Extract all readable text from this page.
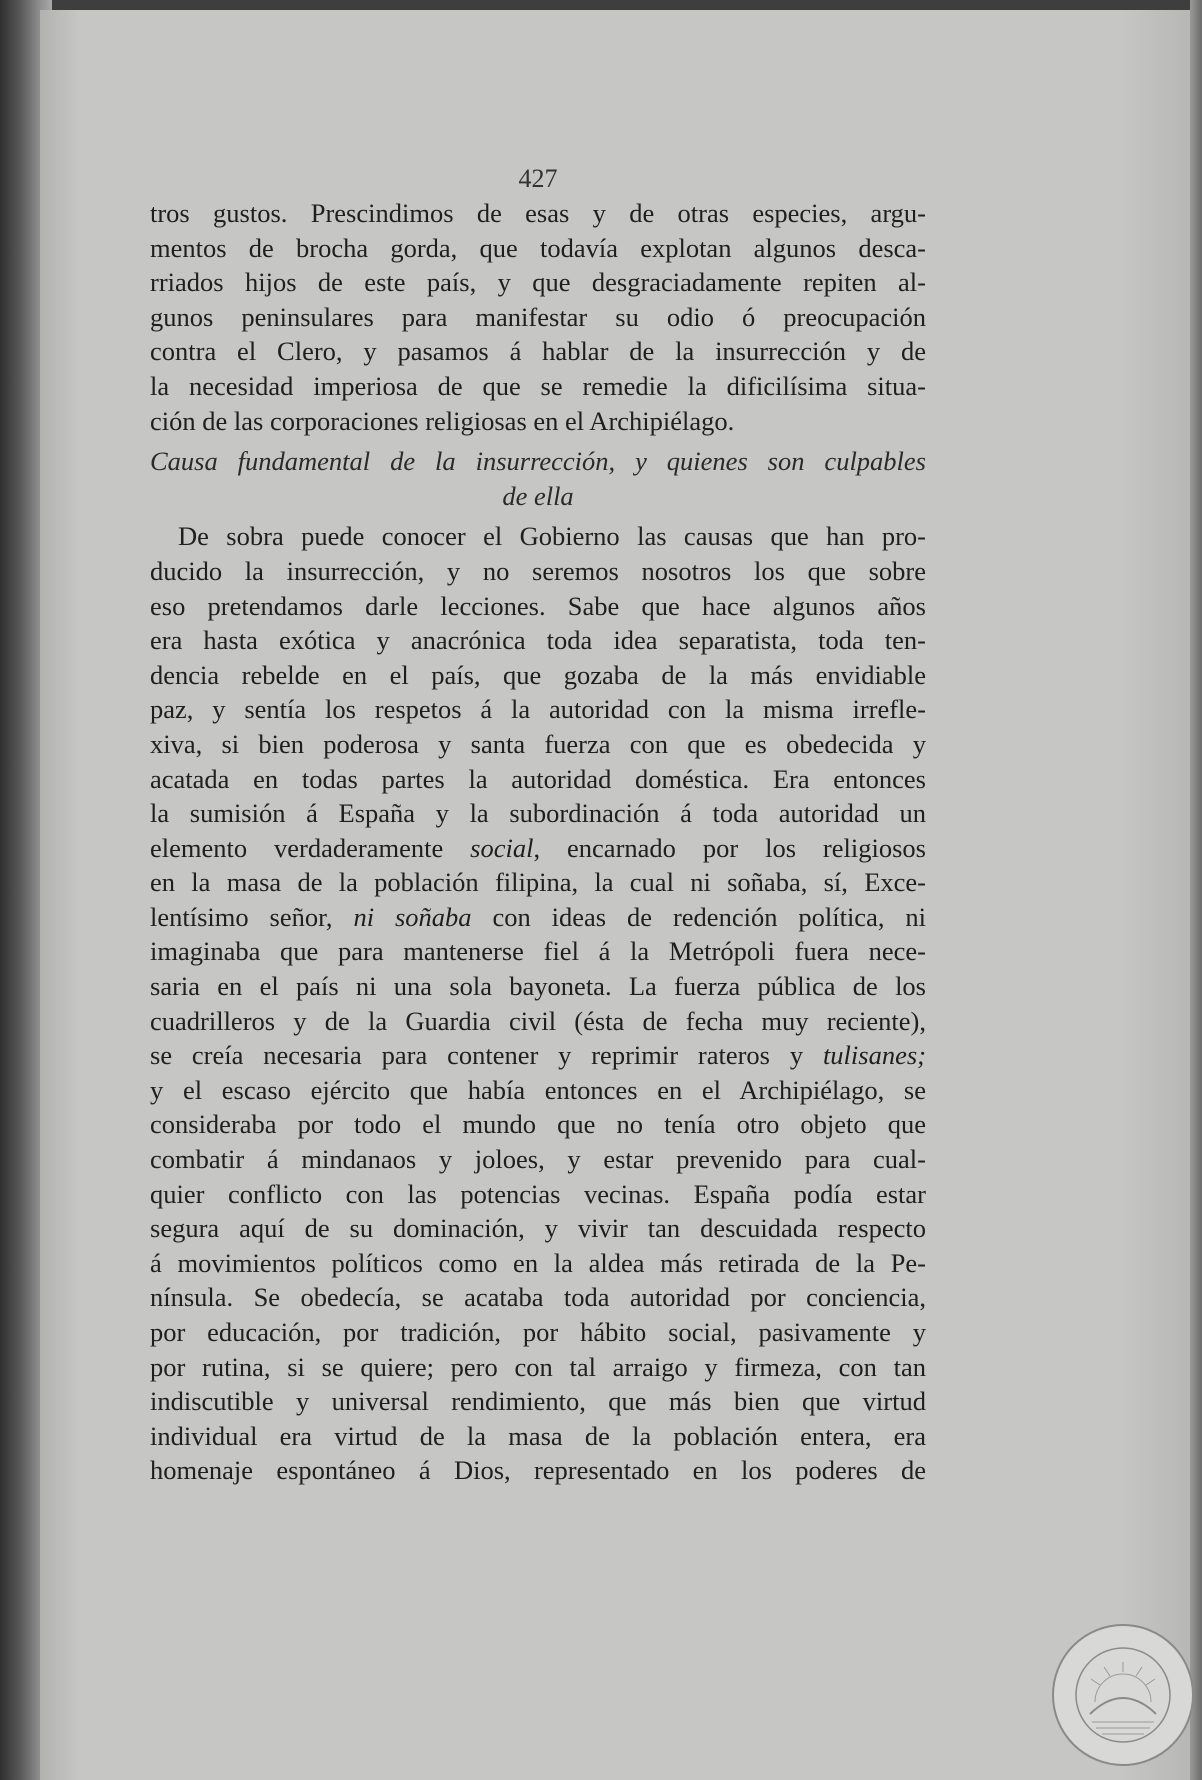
427
tros gustos. Prescindimos de esas y de otras especies, argu-
mentos de brocha gorda, que todavía explotan algunos desca-
rriados hijos de este país, y que desgraciadamente repiten al-
gunos peninsulares para manifestar su odio ó preocupación
contra el Clero, y pasamos á hablar de la insurrección y de
la necesidad imperiosa de que se remedie la dificilísima situa-
ción de las corporaciones religiosas en el Archipiélago.
Causa fundamental de la insurrección, y quienes son culpables
de ella
De sobra puede conocer el Gobierno las causas que han pro-
ducido la insurrección, y no seremos nosotros los que sobre
eso pretendamos darle lecciones. Sabe que hace algunos años
era hasta exótica y anacrónica toda idea separatista, toda ten-
dencia rebelde en el país, que gozaba de la más envidiable
paz, y sentía los respetos á la autoridad con la misma irrefle-
xiva, si bien poderosa y santa fuerza con que es obedecida y
acatada en todas partes la autoridad doméstica. Era entonces
la sumisión á España y la subordinación á toda autoridad un
elemento verdaderamente social, encarnado por los religiosos
en la masa de la población filipina, la cual ni soñaba, sí, Exce-
lentísimo señor, ni soñaba con ideas de redención política, ni
imaginaba que para mantenerse fiel á la Metrópoli fuera nece-
saria en el país ni una sola bayoneta. La fuerza pública de los
cuadrilleros y de la Guardia civil (ésta de fecha muy reciente),
se creía necesaria para contener y reprimir rateros y tulisanes;
y el escaso ejército que había entonces en el Archipiélago, se
consideraba por todo el mundo que no tenía otro objeto que
combatir á mindanaos y joloes, y estar prevenido para cual-
quier conflicto con las potencias vecinas. España podía estar
segura aquí de su dominación, y vivir tan descuidada respecto
á movimientos políticos como en la aldea más retirada de la Pe-
nínsula. Se obedecía, se acataba toda autoridad por conciencia,
por educación, por tradición, por hábito social, pasivamente y
por rutina, si se quiere; pero con tal arraigo y firmeza, con tan
indiscutible y universal rendimiento, que más bien que virtud
individual era virtud de la masa de la población entera, era
homenaje espontáneo á Dios, representado en los poderes de
